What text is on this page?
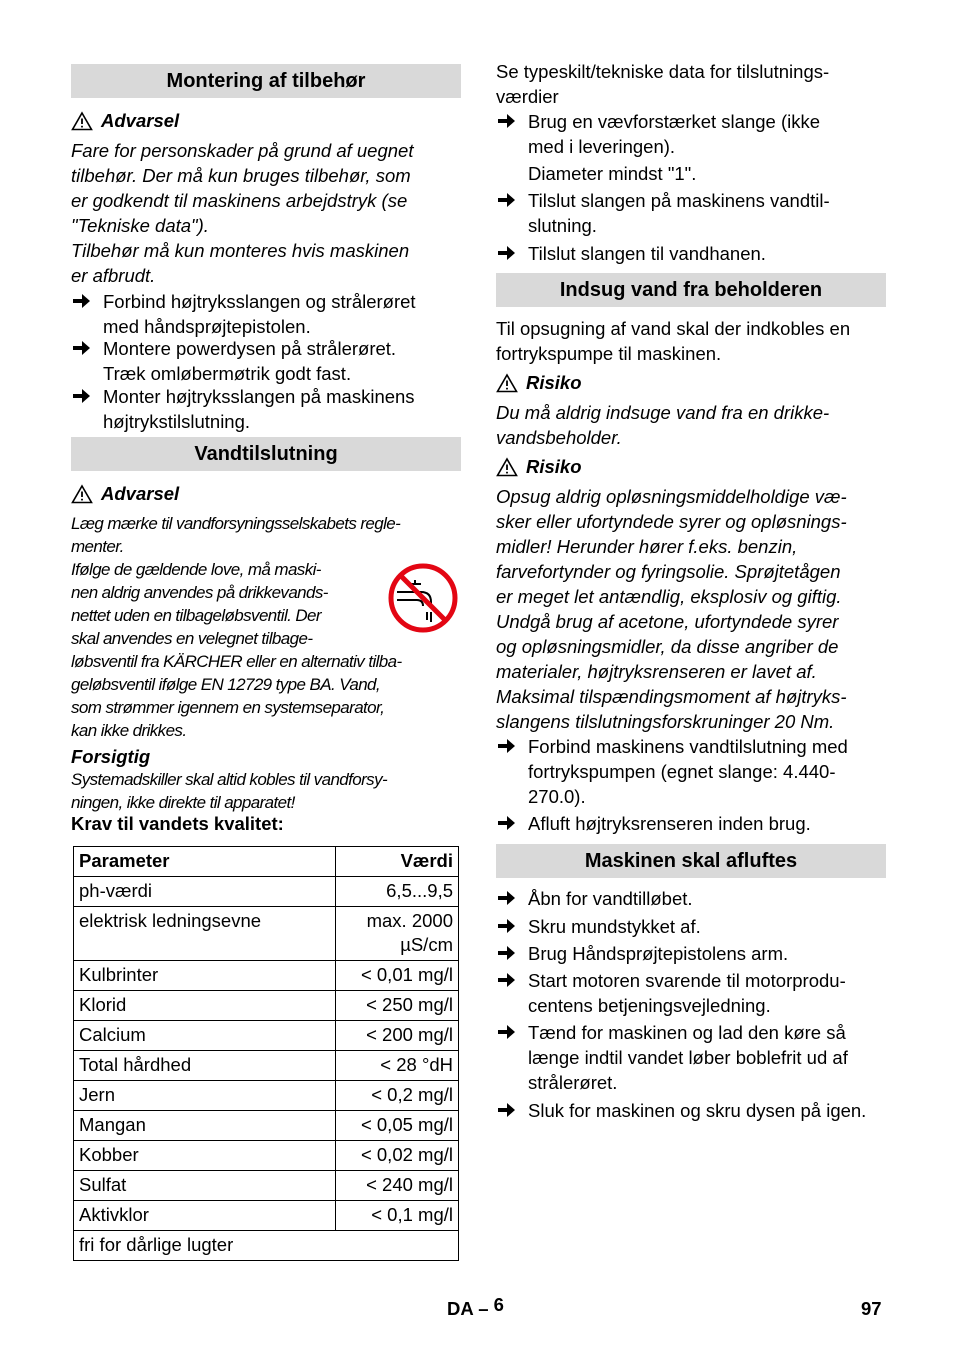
Montering af tilbehør
Advarsel
Fare for personskader på grund af uegnet
tilbehør. Der må kun bruges tilbehør, som
er godkendt til maskinens arbejdstryk (se
"Tekniske data").
Tilbehør må kun monteres hvis maskinen
er afbrudt.
Forbind højtryksslangen og strålerøret
med håndsprøjtepistolen.
Montere powerdysen på strålerøret.
Træk omløbermøtrik godt fast.
Monter højtryksslangen på maskinens
højtrykstilslutning.
Vandtilslutning
Advarsel
Læg mærke til vandforsyningsselskabets regle-
menter.
Ifølge de gældende love, må maski-
nen aldrig anvendes på drikkevands-
nettet uden en tilbageløbsventil. Der
skal anvendes en velegnet tilbage-
løbsventil fra KÄRCHER eller en alternativ tilba-
geløbsventil ifølge EN 12729 type BA. Vand,
som strømmer igennem en systemseparator,
kan ikke drikkes.
Forsigtig
Systemadskiller skal altid kobles til vandforsy-
ningen, ikke direkte til apparatet!
Krav til vandets kvalitet:
Parameter	Værdi
ph-værdi	6,5...9,5
elektrisk ledningsevne	max. 2000 µS/cm
Kulbrinter	< 0,01 mg/l
Klorid	< 250 mg/l
Calcium	< 200 mg/l
Total hårdhed	< 28 °dH
Jern	< 0,2 mg/l
Mangan	< 0,05 mg/l
Kobber	< 0,02 mg/l
Sulfat	< 240 mg/l
Aktivklor	< 0,1 mg/l
fri for dårlige lugter	
Se typeskilt/tekniske data for tilslutnings-
værdier
Brug en vævforstærket slange (ikke
med i leveringen).
Diameter mindst "1".
Tilslut slangen på maskinens vandtil-
slutning.
Tilslut slangen til vandhanen.
Indsug vand fra beholderen
Til opsugning af vand skal der indkobles en
fortrykspumpe til maskinen.
Risiko
Du må aldrig indsuge vand fra en drikke-
vandsbeholder.
Risiko
Opsug aldrig opløsningsmiddelholdige væ-
sker eller ufortyndede syrer og opløsnings-
midler! Herunder hører f.eks. benzin,
farvefortynder og fyringsolie. Sprøjtetågen
er meget let antændlig, eksplosiv og giftig.
Undgå brug af acetone, ufortyndede syrer
og opløsningsmidler, da disse angriber de
materialer, højtryksrenseren er lavet af.
Maksimal tilspændingsmoment af højtryks-
slangens tilslutningsforskruninger 20 Nm.
Forbind maskinens vandtilslutning med
fortrykspumpen (egnet slange: 4.440-
270.0).
Afluft højtryksrenseren inden brug.
Maskinen skal afluftes
Åbn for vandtilløbet.
Skru mundstykket af.
Brug Håndsprøjtepistolens arm.
Start motoren svarende til motorprodu-
centens betjeningsvejledning.
Tænd for maskinen og lad den køre så
længe indtil vandet løber boblefrit ud af
strålerøret.
Sluk for maskinen og skru dysen på igen.
DA – 6	97
